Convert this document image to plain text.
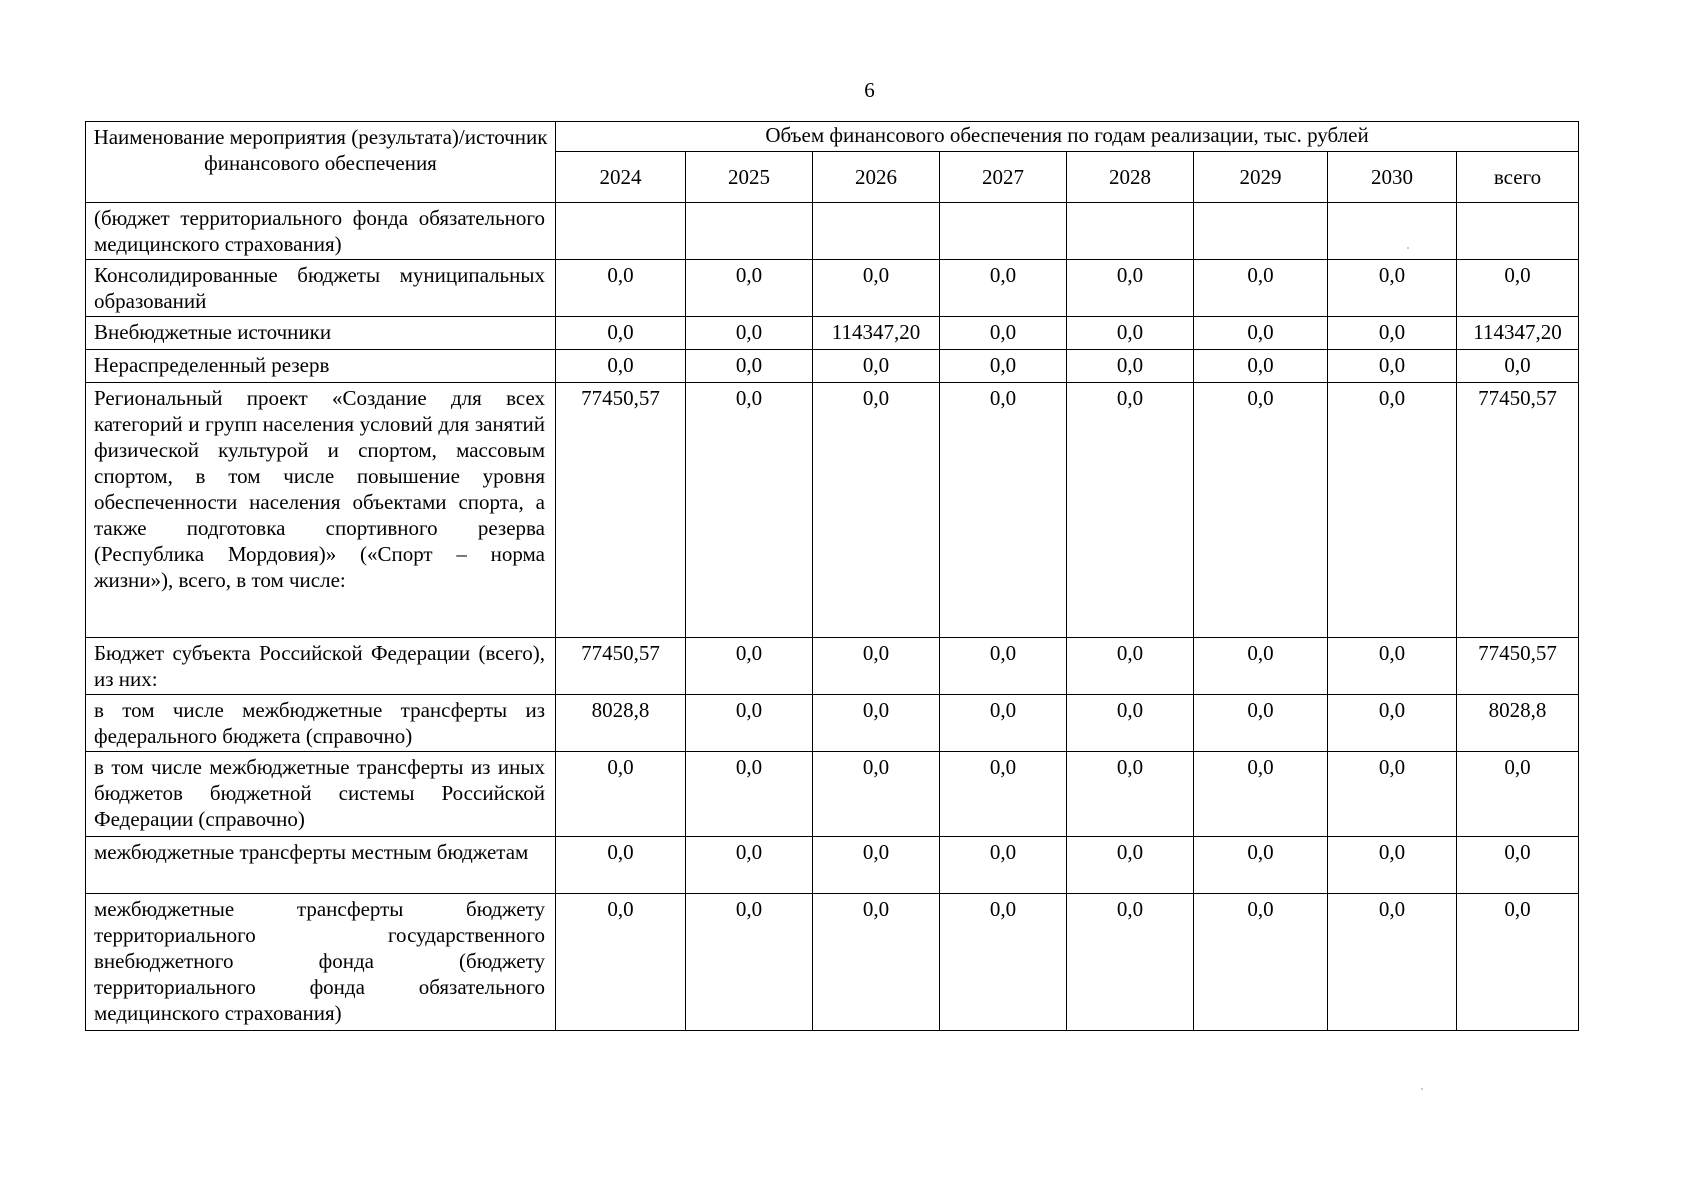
6
Наименование мероприятия (результата)/источник финансового обеспечения	Объем финансового обеспечения по годам реализации, тыс. рублей							
	2024	2025	2026	2027	2028	2029	2030	всего
(бюджет территориального фонда обязательного медицинского страхования)								
Консолидированные бюджеты муниципальных образований	0,0	0,0	0,0	0,0	0,0	0,0	0,0	0,0
Внебюджетные источники	0,0	0,0	114347,20	0,0	0,0	0,0	0,0	114347,20
Нераспределенный резерв	0,0	0,0	0,0	0,0	0,0	0,0	0,0	0,0
Региональный проект «Создание для всех категорий и групп населения условий для занятий физической культурой и спортом, массовым спортом, в том числе повышение уровня обеспеченности населения объектами спорта, а также подготовка спортивного резерва (Республика Мордовия)» («Спорт – норма жизни»), всего, в том числе:	77450,57	0,0	0,0	0,0	0,0	0,0	0,0	77450,57
Бюджет субъекта Российской Федерации (всего), из них:	77450,57	0,0	0,0	0,0	0,0	0,0	0,0	77450,57
в том числе межбюджетные трансферты из федерального бюджета (справочно)	8028,8	0,0	0,0	0,0	0,0	0,0	0,0	8028,8
в том числе межбюджетные трансферты из иных бюджетов бюджетной системы Российской Федерации (справочно)	0,0	0,0	0,0	0,0	0,0	0,0	0,0	0,0
межбюджетные трансферты местным бюджетам	0,0	0,0	0,0	0,0	0,0	0,0	0,0	0,0
межбюджетные трансферты бюджету территориального государственного внебюджетного фонда (бюджету территориального фонда обязательного медицинского страхования)	0,0	0,0	0,0	0,0	0,0	0,0	0,0	0,0
